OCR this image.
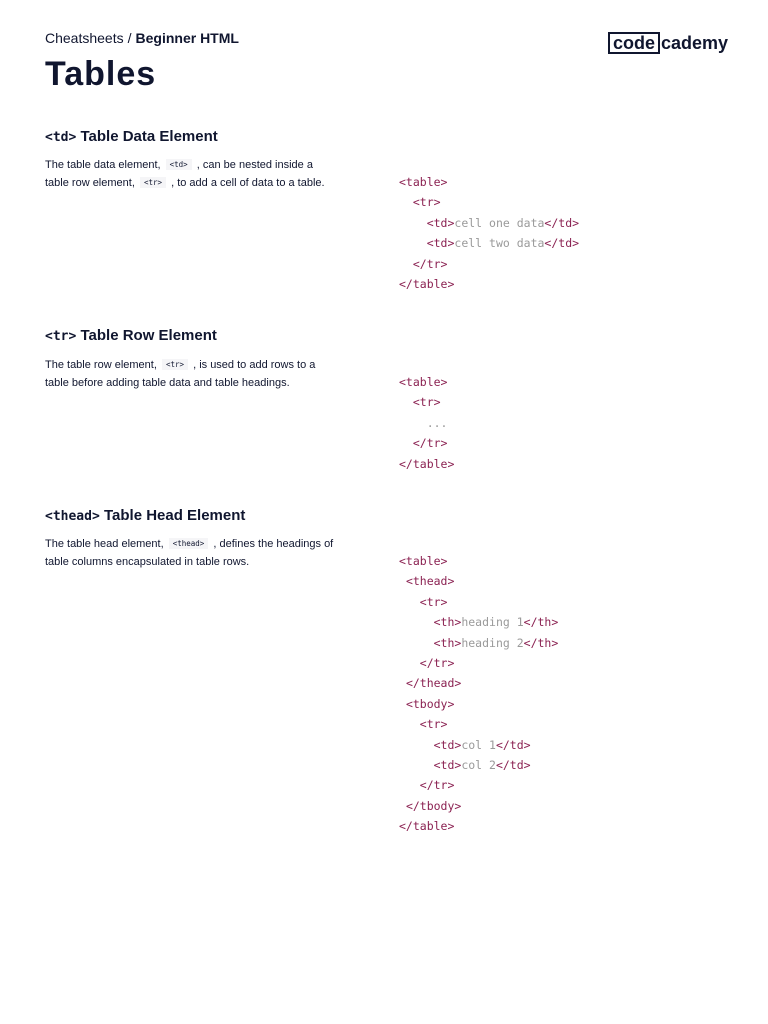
Cheatsheets / Beginner HTML	code cademy
Tables
<td> Table Data Element

The table data element, <td> , can be nested inside a table row element, <tr> , to add a cell of data to a table.	<table>
<tr>
<td>cell one data</td>
<td>cell two data</td>
</tr>
</table>
<tr> Table Row Element

The table row element, <tr> , is used to add rows to a table before adding table data and table headings.	<table>
<tr>
...
</tr>
</table>
<thead> Table Head Element

The table head element, <thead> , defines the headings of table columns encapsulated in table rows.	<table>
<thead>
<tr>
<th>heading 1</th>
<th>heading 2</th>
</tr>
</thead>
<tbody>
<tr>
<td>col 1</td>
<td>col 2</td>
</tr>
</tbody>
</table>
